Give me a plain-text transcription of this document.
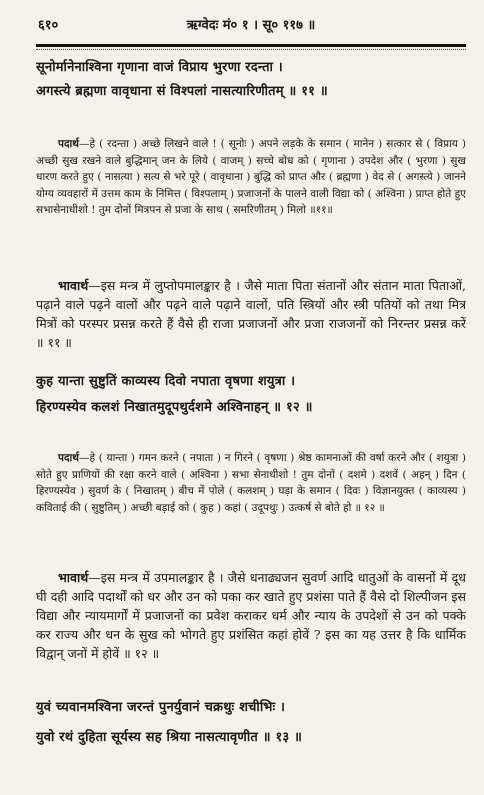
६१०	ऋग्वेदः मं० १ । सू० ११७ ॥
सूनोर्मानेनाश्विना गृणाना वाजं विप्राय भुरणा रदन्ता ।
अगस्त्ये ब्रह्मणा वावृधाना सं विश्पलां नासत्यारिणीतम् ॥ ११ ॥
पदार्थ—हे ( रदन्ता ) अच्छे लिखने वाले ! ( सूनोः ) अपने लड़के के समान ( मानेन ) सत्कार से ( विप्राय ) अच्छी सुख रखने वाले बुद्धिमान् जन के लिये ( वाजम् ) सच्चे बोध को ( गृणाना ) उपदेश और ( भुरणा ) सुख धारण करते हुए ( नासत्या ) सत्य से भरे पूरे ( वावृधाना ) बुद्धि को प्राप्त और ( ब्रह्मणा ) वेद से ( अगस्त्ये ) जानने योग्य व्यवहारों में उत्तम काम के निमित्त ( विश्पलाम् ) प्रजाजनों के पालने वाली विद्या को ( अश्विना ) प्राप्त होते हुए सभासेनाधीशो ! तुम दोनों मित्रपन से प्रजा के साथ ( समरिणीतम् ) मिलो ॥११॥
भावार्थ—इस मन्त्र में लुप्तोपमालङ्कार है । जैसे माता पिता संतानों और संतान माता पिताओं, पढ़ाने वाले पढ़ने वालों और पढ़ने वाले पढ़ाने वालों, पति स्त्रियों और स्त्री पतियों को तथा मित्र मित्रों को परस्पर प्रसन्न करते हैं वैसे ही राजा प्रजाजनों और प्रजा राजजनों को निरन्तर प्रसन्न करें ॥ ११ ॥
कुह यान्ता सुष्टुतिं काव्यस्य दिवो नपाता वृषणा शयुत्रा ।
हिरण्यस्येव कलशं निखातमुदूपथुर्दशमे अश्विनाहन् ॥ १२ ॥
पदार्थ—हे ( यान्ता ) गमन करने ( नपाता ) न गिरने ( वृषणा ) श्रेष्ठ कामनाओं की वर्षा करने और ( शयुत्रा ) सोते हुए प्राणियों की रक्षा करने वाले ( अश्विना ) सभा सेनाधीशो ! तुम दोनों ( दशमे ) दशवें ( अहन् ) दिन ( हिरण्यस्येव ) सुवर्ण के ( निखातम् ) बीच में पोले ( कलशम् ) घड़ा के समान ( दिवः ) विज्ञानयुक्त ( काव्यस्य ) कविताई की ( सुष्टुतिम् ) अच्छी बड़ाई को ( कुह ) कहां ( उदूपथुः ) उत्कर्ष से बोते हो ॥ १२ ॥
भावार्थ—इस मन्त्र में उपमालङ्कार है । जैसे धनाढ्यजन सुवर्ण आदि धातुओं के वासनों में दूध घी दही आदि पदार्थों को धर और उन को पका कर खाते हुए प्रशंसा पाते हैं वैसे दो शिल्पीजन इस विद्या और न्यायमार्गों में प्रजाजनों का प्रवेश कराकर धर्म और न्याय के उपदेशों से उन को पक्के कर राज्य और धन के सुख को भोगते हुए प्रशंसित कहां होवें ? इस का यह उत्तर है कि धार्मिक विद्वान् जनों में होवें ॥ १२ ॥
युवं च्यवानमश्विना जरन्तं पुनर्युवानं चक्रथुः शचीभिः ।
युवो रथं दुहिता सूर्यस्य सह श्रिया नासत्यावृणीत ॥ १३ ॥
